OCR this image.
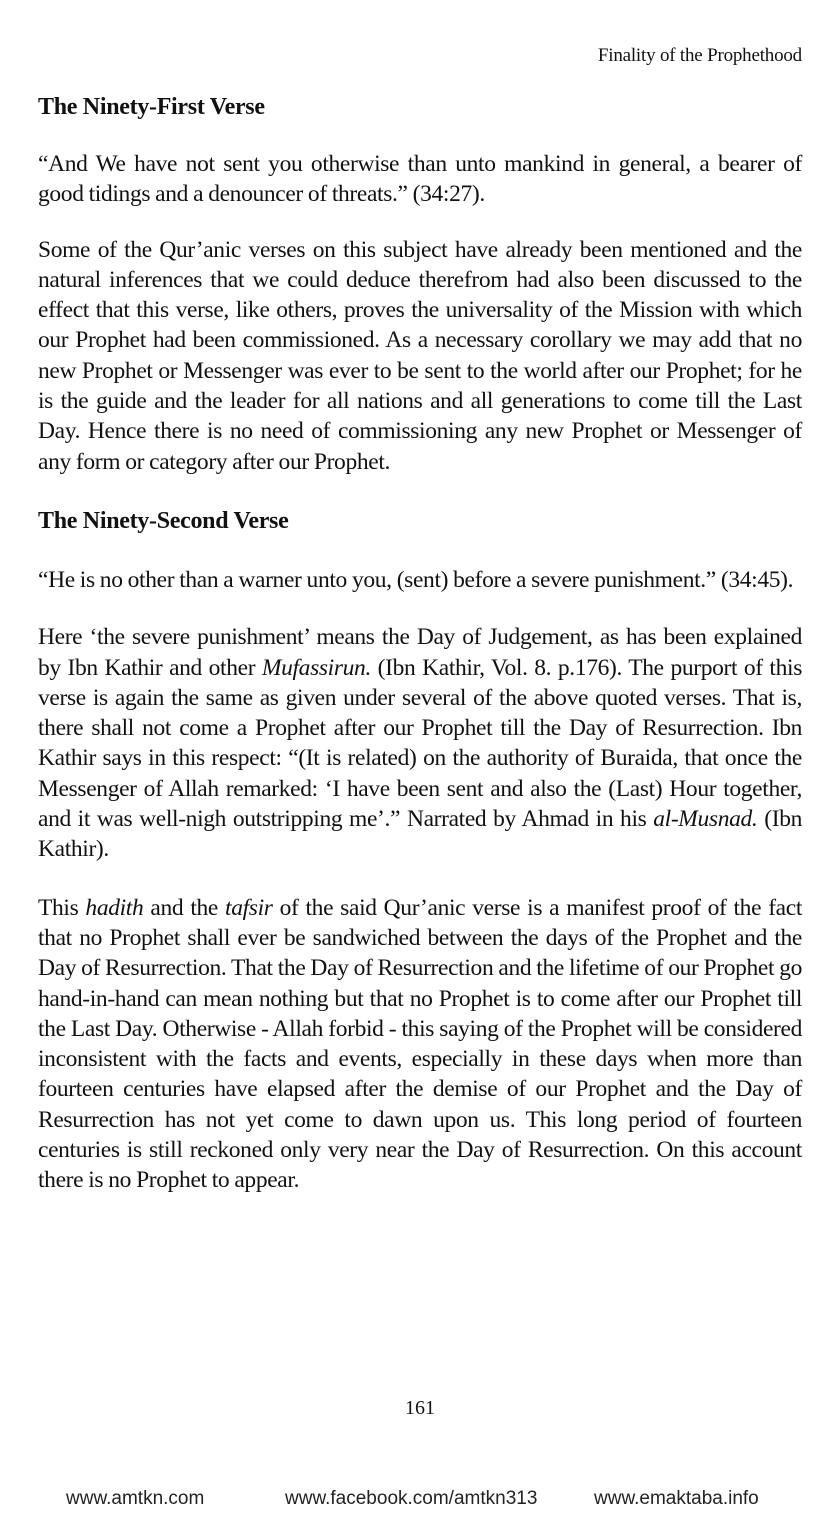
Finality of the Prophethood
The Ninety-First Verse

“And We have not sent you otherwise than unto mankind in general, a bearer of good tidings and a denouncer of threats.” (34:27).

Some of the Qur’anic verses on this subject have already been mentioned and the natural inferences that we could deduce therefrom had also been discussed to the effect that this verse, like others, proves the universality of the Mission with which our Prophet had been commissioned. As a necessary corollary we may add that no new Prophet or Messenger was ever to be sent to the world after our Prophet; for he is the guide and the leader for all nations and all generations to come till the Last Day. Hence there is no need of commissioning any new Prophet or Messenger of any form or category after our Prophet.

The Ninety-Second Verse

“He is no other than a warner unto you, (sent) before a severe punishment.” (34:45).

Here ‘the severe punishment’ means the Day of Judgement, as has been explained by Ibn Kathir and other Mufassirun. (Ibn Kathir, Vol. 8. p.176). The purport of this verse is again the same as given under several of the above quoted verses. That is, there shall not come a Prophet after our Prophet till the Day of Resurrection. Ibn Kathir says in this respect: “(It is related) on the authority of Buraida, that once the Messenger of Allah remarked: ‘I have been sent and also the (Last) Hour together, and it was well-nigh outstripping me’.” Narrated by Ahmad in his al-Musnad. (Ibn Kathir).

This hadith and the tafsir of the said Qur’anic verse is a manifest proof of the fact that no Prophet shall ever be sandwiched between the days of the Prophet and the Day of Resurrection. That the Day of Resurrection and the lifetime of our Prophet go hand-in-hand can mean nothing but that no Prophet is to come after our Prophet till the Last Day. Otherwise - Allah forbid - this saying of the Prophet will be considered inconsistent with the facts and events, especially in these days when more than fourteen centuries have elapsed after the demise of our Prophet and the Day of Resurrection has not yet come to dawn upon us. This long period of fourteen centuries is still reckoned only very near the Day of Resurrection. On this account there is no Prophet to appear.

161
www.amtkn.com	www.facebook.com/amtkn313	www.emaktaba.info
